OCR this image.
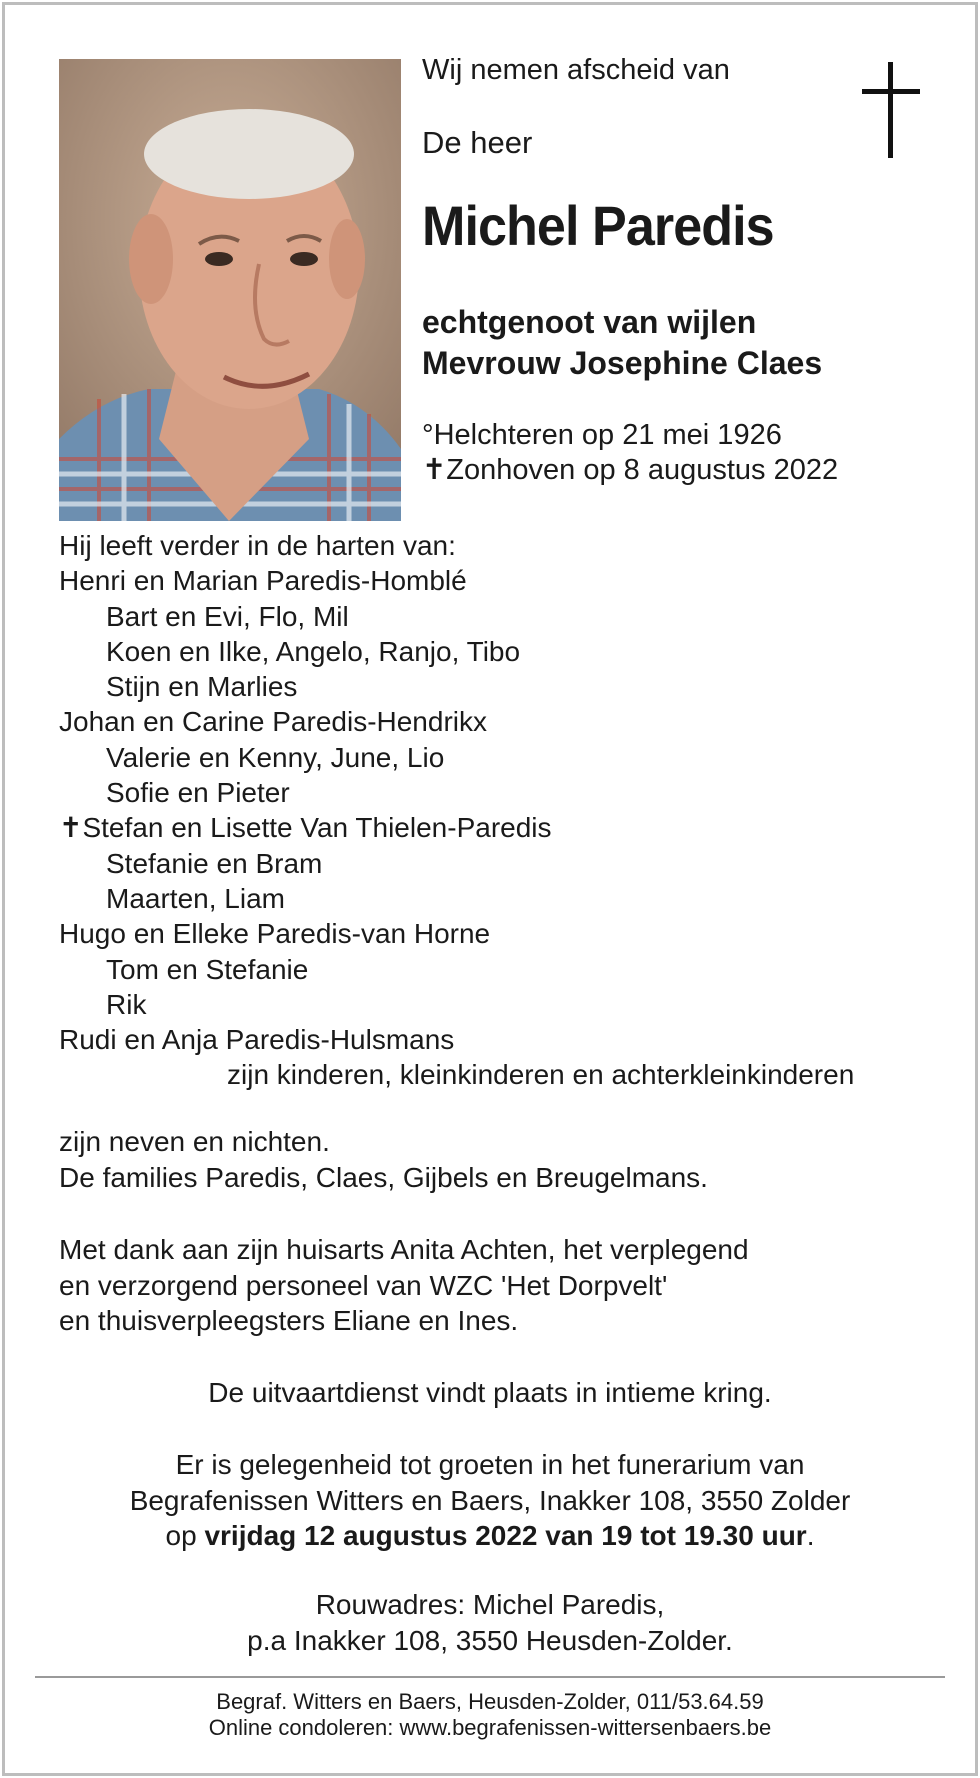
Wij nemen afscheid van
De heer
Michel Paredis
echtgenoot van wijlen
Mevrouw Josephine Claes
°Helchteren op 21 mei 1926
✝Zonhoven op 8 augustus 2022
Hij leeft verder in de harten van:
Henri en Marian Paredis-Homblé
Bart en Evi, Flo, Mil
Koen en Ilke, Angelo, Ranjo, Tibo
Stijn en Marlies
Johan en Carine Paredis-Hendrikx
Valerie en Kenny, June, Lio
Sofie en Pieter
✝Stefan en Lisette Van Thielen-Paredis
Stefanie en Bram
Maarten, Liam
Hugo en Elleke Paredis-van Horne
Tom en Stefanie
Rik
Rudi en Anja Paredis-Hulsmans
zijn kinderen, kleinkinderen en achterkleinkinderen
zijn neven en nichten.
De families Paredis, Claes, Gijbels en Breugelmans.
Met dank aan zijn huisarts Anita Achten, het verplegend
en verzorgend personeel van WZC 'Het Dorpvelt'
en thuisverpleegsters Eliane en Ines.
De uitvaartdienst vindt plaats in intieme kring.
Er is gelegenheid tot groeten in het funerarium van
Begrafenissen Witters en Baers, Inakker 108, 3550 Zolder
op vrijdag 12 augustus 2022 van 19 tot 19.30 uur.
Rouwadres: Michel Paredis,
p.a Inakker 108, 3550 Heusden-Zolder.
Begraf. Witters en Baers, Heusden-Zolder, 011/53.64.59
Online condoleren: www.begrafenissen-wittersenbaers.be
